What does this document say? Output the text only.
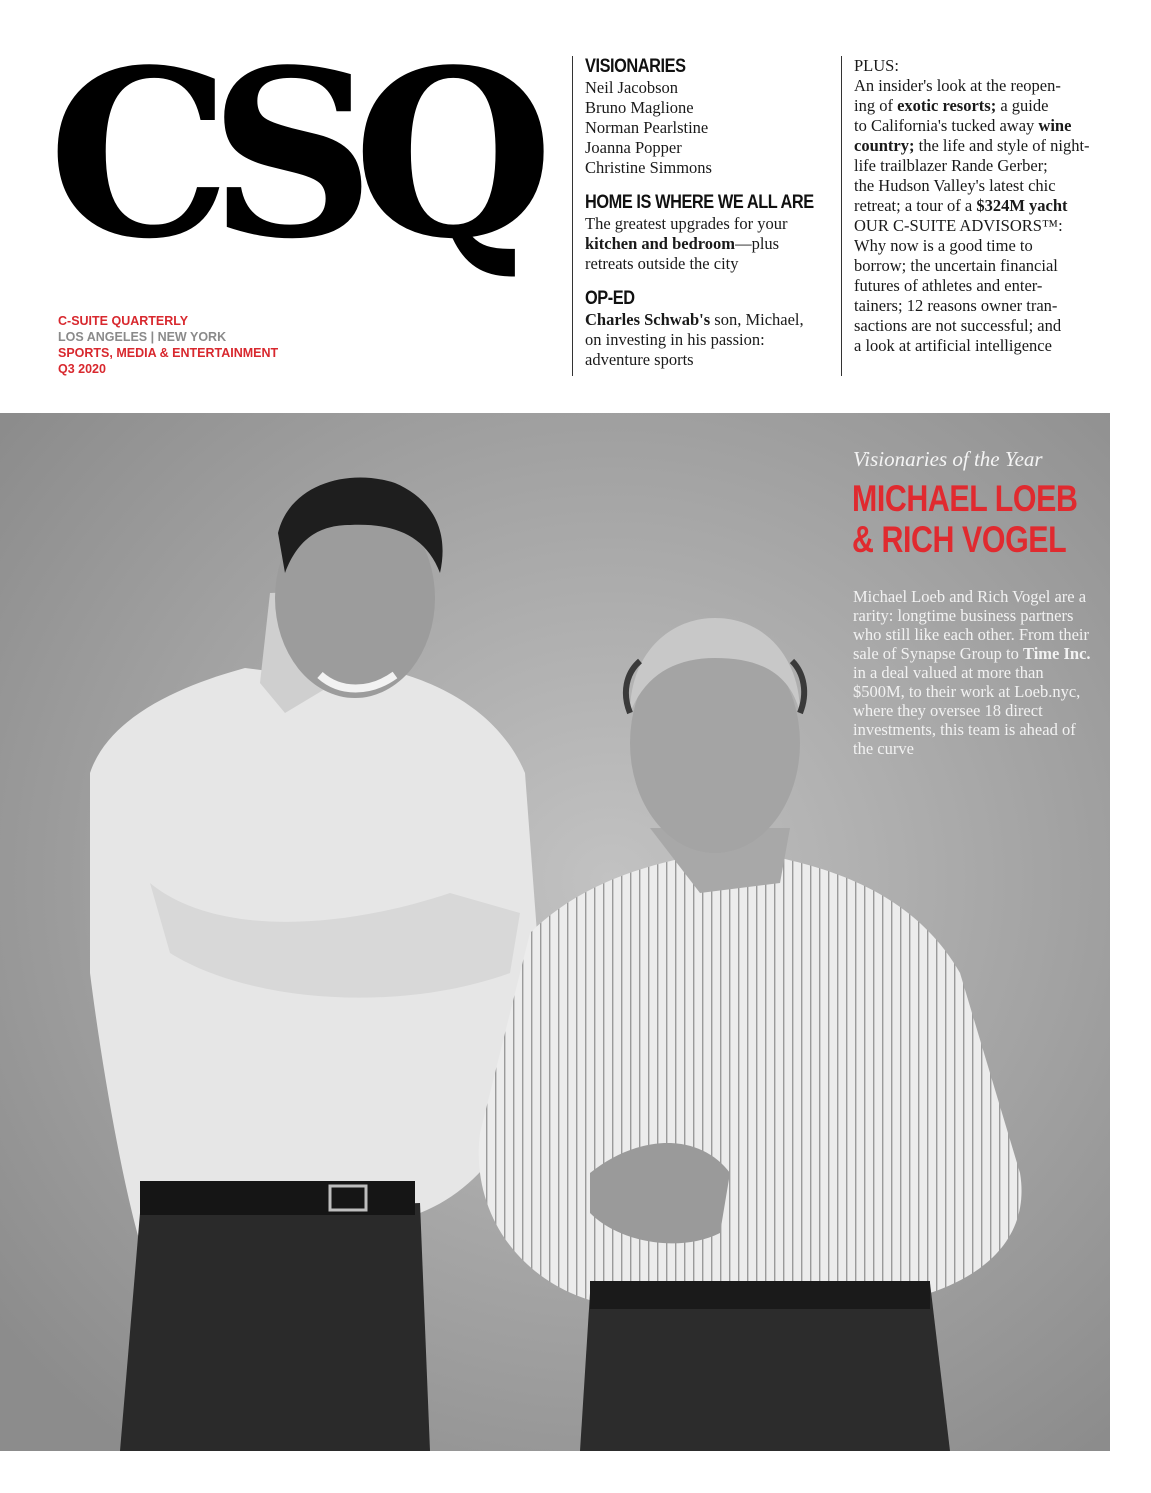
CSQ
C-SUITE QUARTERLY
LOS ANGELES | NEW YORK
SPORTS, MEDIA & ENTERTAINMENT
Q3 2020
VISIONARIES
Neil Jacobson
Bruno Maglione
Norman Pearlstine
Joanna Popper
Christine Simmons
HOME IS WHERE WE ALL ARE

The greatest upgrades for your
kitchen and bedroom—plus
retreats outside the city

OP-ED

Charles Schwab's son, Michael,
on investing in his passion:
adventure sports

PLUS:

An insider's look at the reopen-
ing of exotic resorts; a guide
to California's tucked away wine
country; the life and style of night-
life trailblazer Rande Gerber;
the Hudson Valley's latest chic
retreat; a tour of a $324M yacht

OUR C-SUITE ADVISORS™:

Why now is a good time to
borrow; the uncertain financial
futures of athletes and enter-
tainers; 12 reasons owner tran-
sactions are not successful; and
a look at artificial intelligence

Visionaries of the Year
MICHAEL LOEB
& RICH VOGEL
Michael Loeb and Rich Vogel are a rarity: longtime business partners who still like each other. From their sale of Synapse Group to Time Inc. in a deal valued at more than $500M, to their work at Loeb.nyc, where they oversee 18 direct investments, this team is ahead of the curve
